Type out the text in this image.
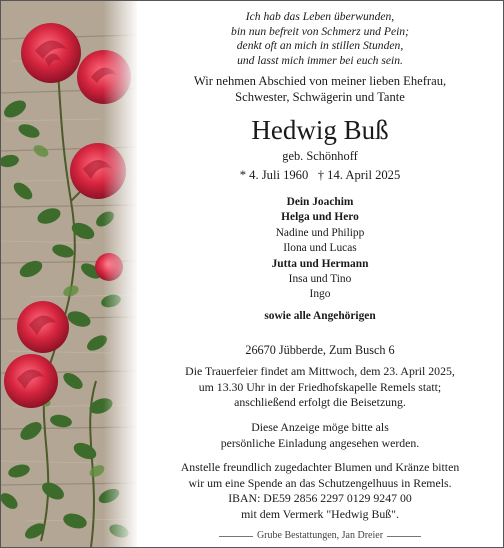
Ich hab das Leben überwunden,
bin nun befreit von Schmerz und Pein;
denkt oft an mich in stillen Stunden,
und lasst mich immer bei euch sein.
Wir nehmen Abschied von meiner lieben Ehefrau,
Schwester, Schwägerin und Tante
Hedwig Buß
geb. Schönhoff
* 4. Juli 1960   † 14. April 2025
Dein Joachim
Helga und Hero
Nadine und Philipp
Ilona und Lucas
Jutta und Hermann
Insa und Tino
Ingo
sowie alle Angehörigen
26670 Jübberde, Zum Busch 6
Die Trauerfeier findet am Mittwoch, dem 23. April 2025,
um 13.30 Uhr in der Friedhofskapelle Remels statt;
anschließend erfolgt die Beisetzung.
Diese Anzeige möge bitte als
persönliche Einladung angesehen werden.
Anstelle freundlich zugedachter Blumen und Kränze bitten
wir um eine Spende an das Schutzengelhuus in Remels.
IBAN: DE59 2856 2297 0129 9247 00
mit dem Vermerk "Hedwig Buß".
Grube Bestattungen, Jan Dreier
